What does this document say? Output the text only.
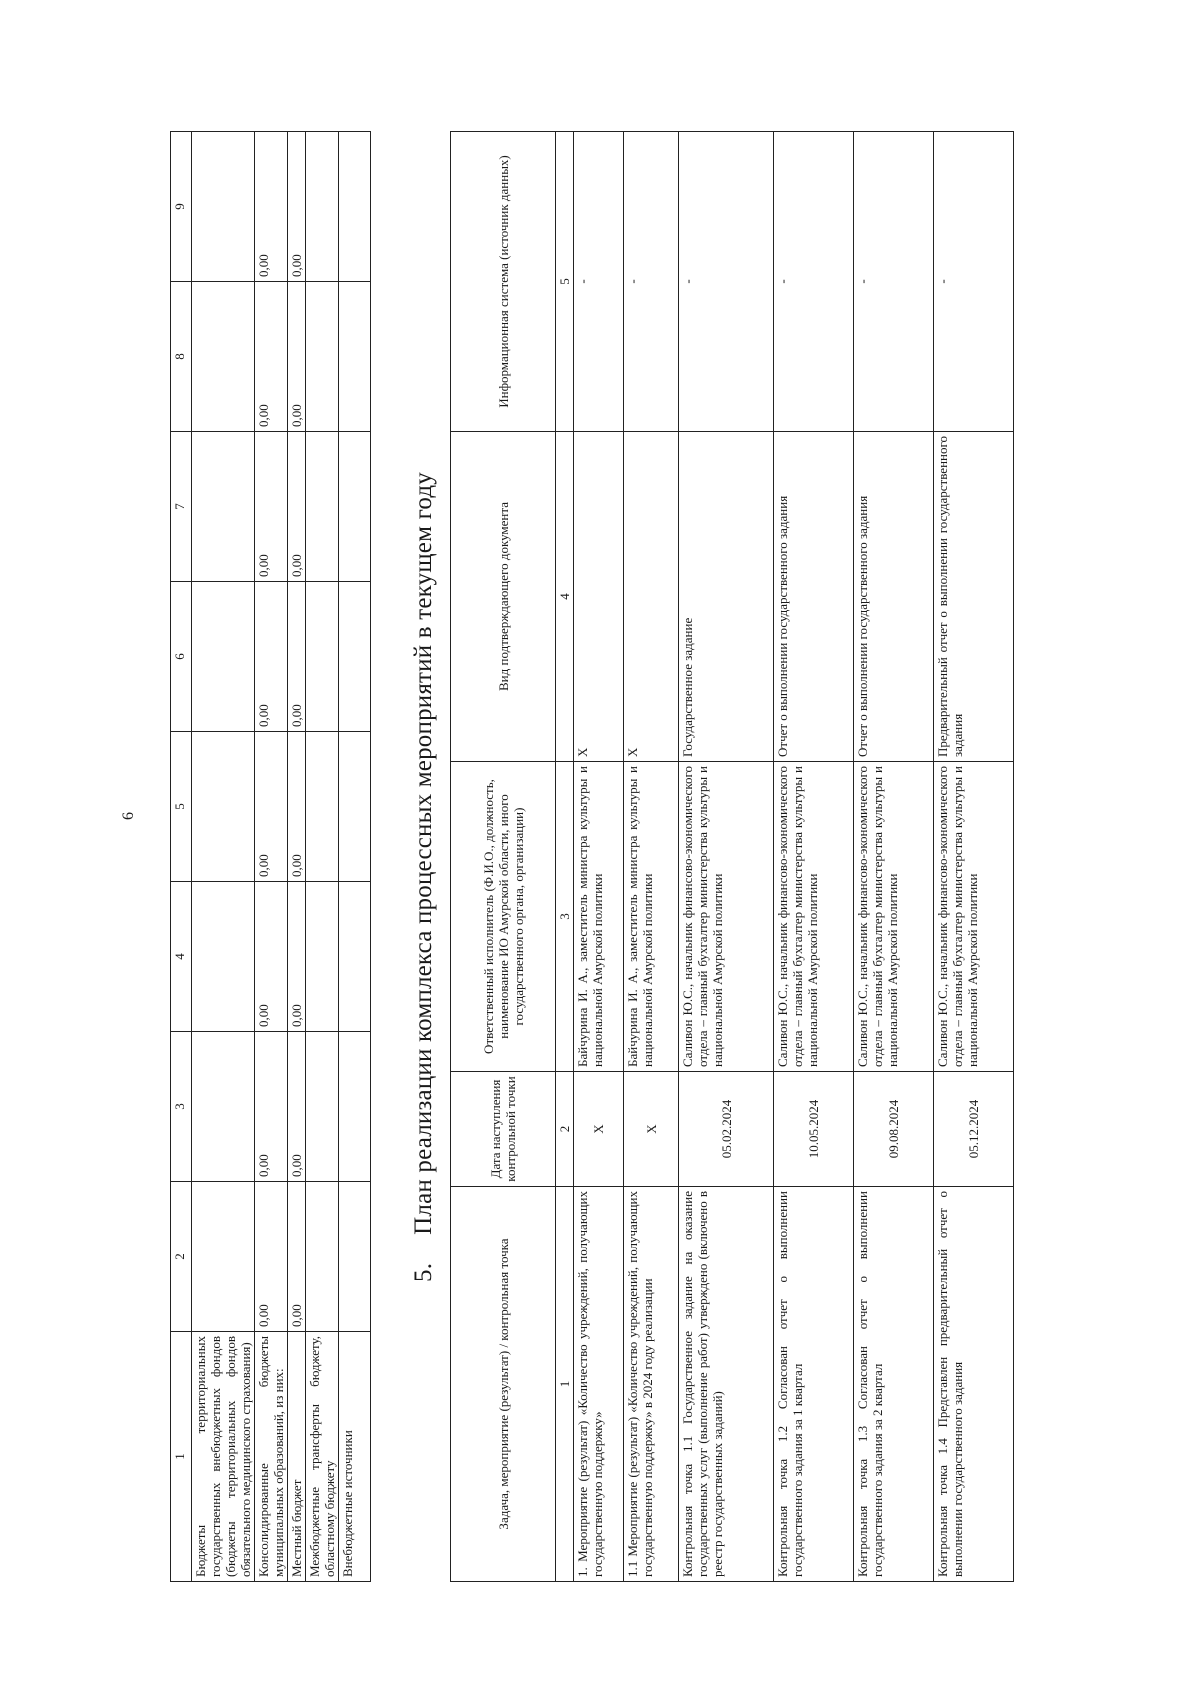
6
1	2	3	4	5	6	7	8	9
Бюджеты территориальных государственных внебюджетных фондов (бюджеты территориальных фондов обязательного медицинского страхования)								
Консолидированные бюджеты муниципальных образований, из них:	0,00	0,00	0,00	0,00	0,00	0,00	0,00	0,00
Местный бюджет	0,00	0,00	0,00	0,00	0,00	0,00	0,00	0,00
Межбюджетные трансферты бюджету, областному бюджету								
Внебюджетные источники								
5.План реализации комплекса процессных мероприятий в текущем году
Задача, мероприятие (результат) / контрольная точка	Дата наступления контрольной точки	Ответственный исполнитель (Ф.И.О., должность, наименование ИО Амурской области, иного государственного органа, организации)	Вид подтверждающего документа	Информационная система (источник данных)
1	2	3	4	5
1. Мероприятие (результат) «Количество учреждений, получающих государственную поддержку»	X	Байчурина И. А., заместитель министра культуры и национальной Амурской политики	X	-
1.1 Мероприятие (результат) «Количество учреждений, получающих государственную поддержку» в 2024 году реализации	X	Байчурина И. А., заместитель министра культуры и национальной Амурской политики	X	-
Контрольная точка 1.1 Государственное задание на оказание государственных услуг (выполнение работ) утверждено (включено в реестр государственных заданий)	05.02.2024	Саливон Ю.С., начальник финансово-экономического отдела – главный бухгалтер министерства культуры и национальной Амурской политики	Государственное задание	-
Контрольная точка 1.2 Согласован отчет о выполнении государственного задания за 1 квартал	10.05.2024	Саливон Ю.С., начальник финансово-экономического отдела – главный бухгалтер министерства культуры и национальной Амурской политики	Отчет о выполнении государственного задания	-
Контрольная точка 1.3 Согласован отчет о выполнении государственного задания за 2 квартал	09.08.2024	Саливон Ю.С., начальник финансово-экономического отдела – главный бухгалтер министерства культуры и национальной Амурской политики	Отчет о выполнении государственного задания	-
Контрольная точка 1.4 Представлен предварительный отчет о выполнении государственного задания	05.12.2024	Саливон Ю.С., начальник финансово-экономического отдела – главный бухгалтер министерства культуры и национальной Амурской политики	Предварительный отчет о выполнении государственного задания	-
